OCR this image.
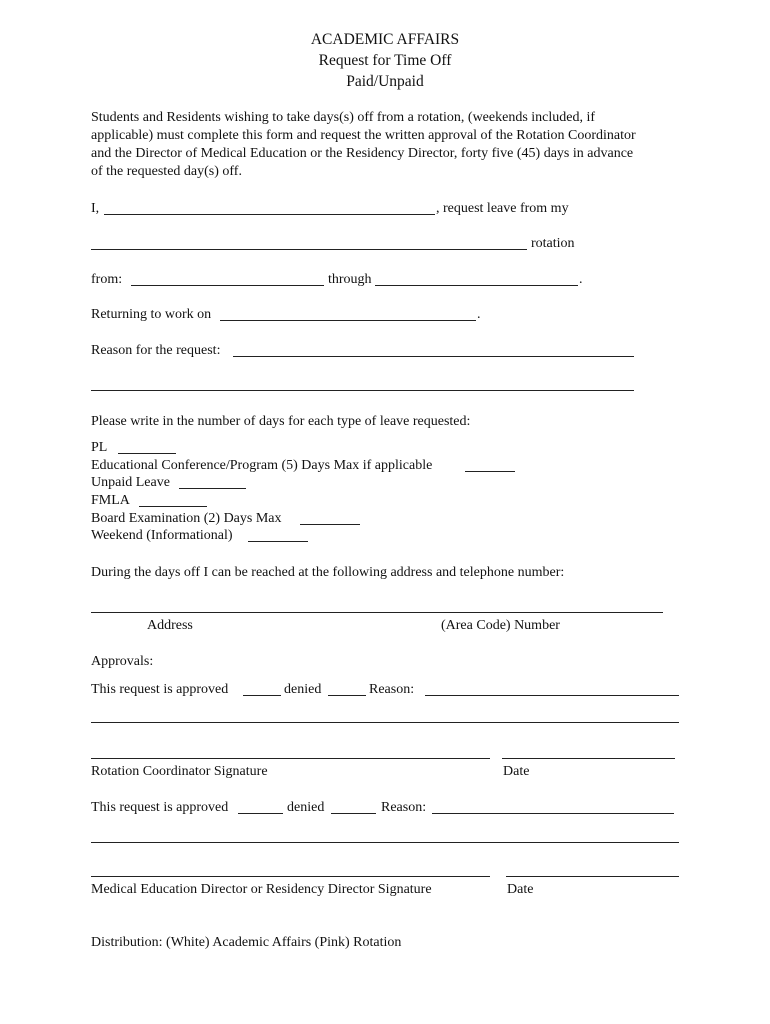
ACADEMIC AFFAIRS
Request for Time Off
Paid/Unpaid
Students and Residents wishing to take days(s) off from a rotation, (weekends included, if
applicable) must complete this form and request the written approval of the Rotation Coordinator
and the Director of Medical Education or the Residency Director, forty five (45) days in advance
of the requested day(s) off.
I,	, request leave from my
rotation
from:	through	.
Returning to work on	.
Reason for the request:
Please write in the number of days for each type of leave requested:
PL
Educational Conference/Program (5) Days Max if applicable
Unpaid Leave
FMLA
Board Examination (2) Days Max
Weekend (Informational)
During the days off I can be reached at the following address and telephone number:
Address	(Area Code) Number
Approvals:
This request is approved	denied	Reason:
Rotation Coordinator Signature	Date
This request is approved	denied	Reason:
Medical Education Director or Residency Director Signature	Date
Distribution: (White) Academic Affairs (Pink) Rotation
